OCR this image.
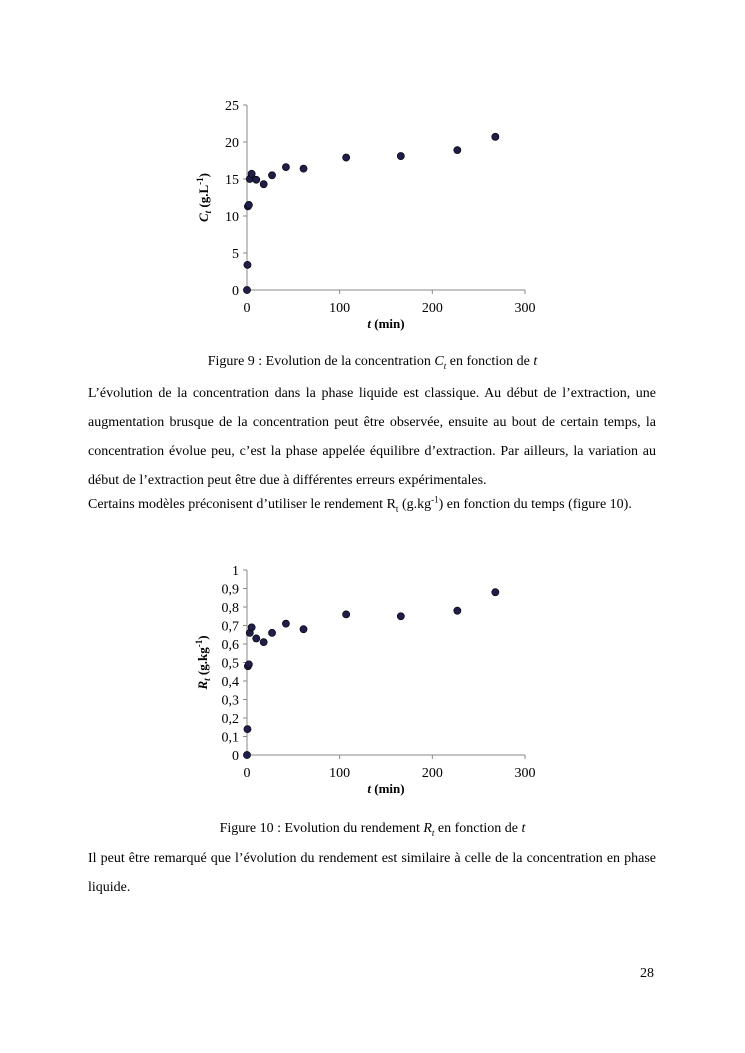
0
5
10
15
20
25
0	100	200	300
t (min)
$C_t$ $(g.L^{-1})$
Figure 9 : Evolution de la concentration $C_t$ en fonction de t

L’évolution de la concentration dans la phase liquide est classique. Au début de l’extraction, une augmentation brusque de la concentration peut être observée, ensuite au bout de certain temps, la concentration évolue peu, c’est la phase appelée équilibre d’extraction. Par ailleurs, la variation au début de l’extraction peut être due à différentes erreurs expérimentales.

Certains modèles préconisent d’utiliser le rendement $R_t$ $(g.kg^{-1})$ en fonction du temps (figure 10).

0
0,1
0,2
0,3
0,4
0,5
0,6
0,7
0,8
0,9
1
0	100	200	300
t (min)
$R_t$ $(g.kg^{-1})$
Figure 10 : Evolution du rendement $R_t$ en fonction de t

Il peut être remarqué que l’évolution du rendement est similaire à celle de la concentration en phase liquide.

28
